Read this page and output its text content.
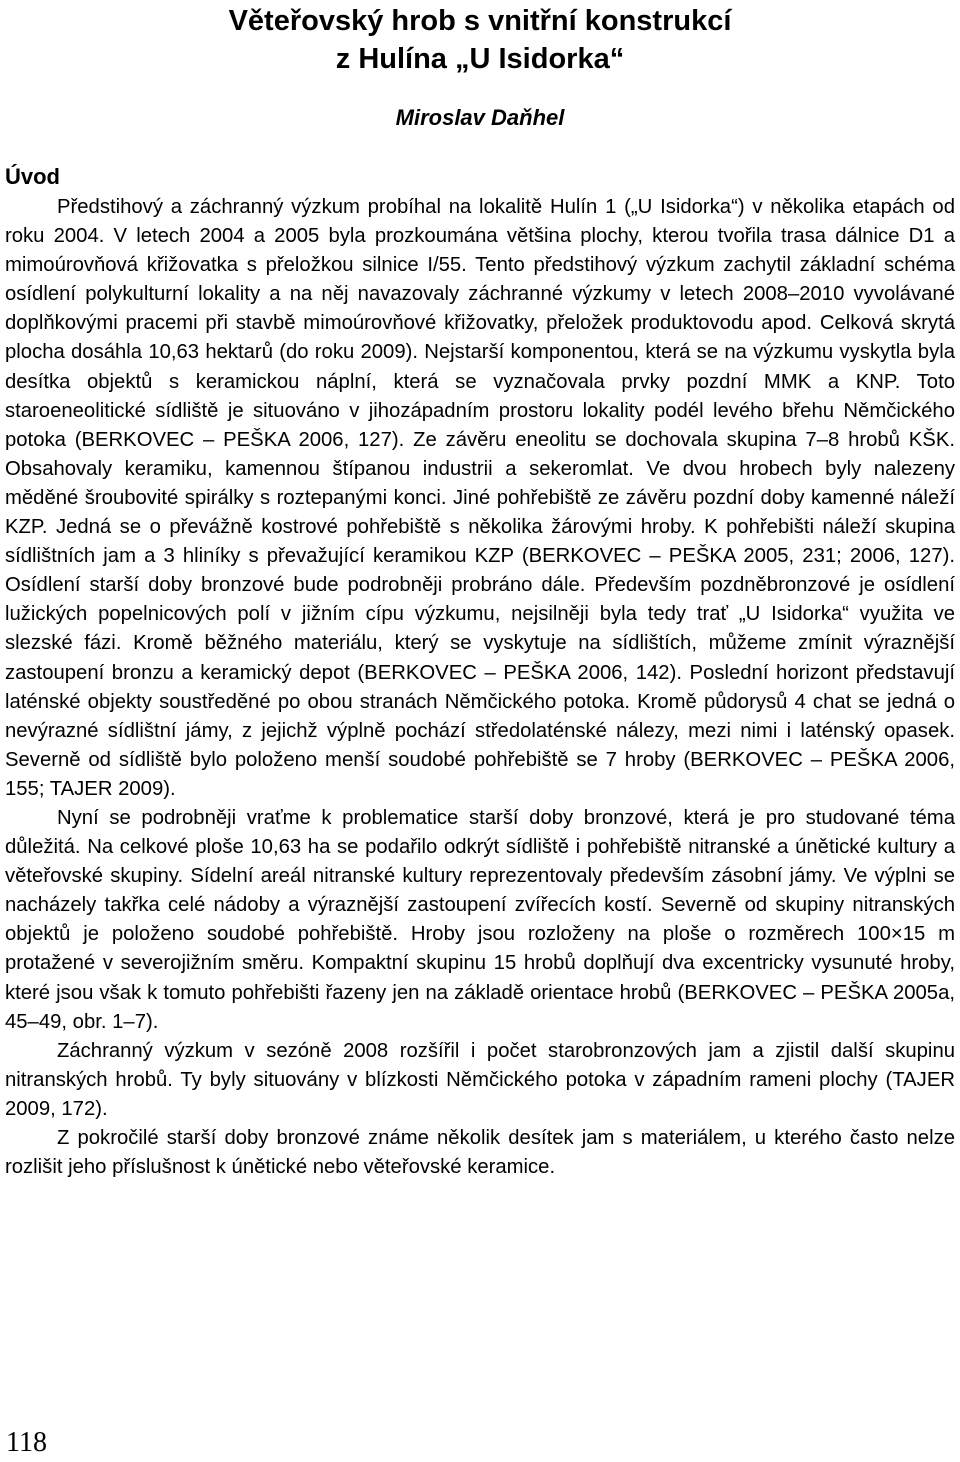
Věteřovský hrob s vnitřní konstrukcí
z Hulína „U Isidorka“
Miroslav Daňhel
Úvod

Předstihový a záchranný výzkum probíhal na lokalitě Hulín 1 („U Isidorka“) v několika etapách od roku 2004. V letech 2004 a 2005 byla prozkoumána většina plochy, kterou tvořila trasa dálnice D1 a mimoúrovňová křižovatka s přeložkou silnice I/55. Tento předstihový výzkum zachytil základní schéma osídlení polykulturní lokality a na něj navazovaly záchranné výzkumy v letech 2008–2010 vyvolávané doplňkovými pracemi při stavbě mimoúrovňové křižovatky, přeložek produktovodu apod. Celková skrytá plocha dosáhla 10,63 hektarů (do roku 2009). Nejstarší komponentou, která se na výzkumu vyskytla byla desítka objektů s keramickou náplní, která se vyznačovala prvky pozdní MMK a KNP. Toto staroeneolitické sídliště je situováno v jihozápadním prostoru lokality podél levého břehu Němčického potoka (BERKOVEC – PEŠKA 2006, 127). Ze závěru eneolitu se dochovala skupina 7–8 hrobů KŠK. Obsahovaly keramiku, kamennou štípanou industrii a sekeromlat. Ve dvou hrobech byly nalezeny měděné šroubovité spirálky s roztepanými konci. Jiné pohřebiště ze závěru pozdní doby kamenné náleží KZP. Jedná se o převážně kostrové pohřebiště s několika žárovými hroby. K pohřebišti náleží skupina sídlištních jam a 3 hliníky s převažující keramikou KZP (BERKOVEC – PEŠKA 2005, 231; 2006, 127). Osídlení starší doby bronzové bude podrobněji probráno dále. Především pozdněbronzové je osídlení lužických popelnicových polí v jižním cípu výzkumu, nejsilněji byla tedy trať „U Isidorka“ využita ve slezské fázi. Kromě běžného materiálu, který se vyskytuje na sídlištích, můžeme zmínit výraznější zastoupení bronzu a keramický depot (BERKOVEC – PEŠKA 2006, 142). Poslední horizont představují laténské objekty soustředěné po obou stranách Němčického potoka. Kromě půdorysů 4 chat se jedná o nevýrazné sídlištní jámy, z jejichž výplně pochází středolaténské nálezy, mezi nimi i laténský opasek. Severně od sídliště bylo položeno menší soudobé pohřebiště se 7 hroby (BERKOVEC – PEŠKA 2006, 155; TAJER 2009).

Nyní se podrobněji vraťme k problematice starší doby bronzové, která je pro studované téma důležitá. Na celkové ploše 10,63 ha se podařilo odkrýt sídliště i pohřebiště nitranské a únětické kultury a věteřovské skupiny. Sídelní areál nitranské kultury reprezentovaly především zásobní jámy. Ve výplni se nacházely takřka celé nádoby a výraznější zastoupení zvířecích kostí. Severně od skupiny nitranských objektů je položeno soudobé pohřebiště. Hroby jsou rozloženy na ploše o rozměrech 100×15 m protažené v severojižním směru. Kompaktní skupinu 15 hrobů doplňují dva excentricky vysunuté hroby, které jsou však k tomuto pohřebišti řazeny jen na základě orientace hrobů (BERKOVEC – PEŠKA 2005a, 45–49, obr. 1–7).

Záchranný výzkum v sezóně 2008 rozšířil i počet starobronzových jam a zjistil další skupinu nitranských hrobů. Ty byly situovány v blízkosti Němčického potoka v západním rameni plochy (TAJER 2009, 172).

Z pokročilé starší doby bronzové známe několik desítek jam s materiálem, u kterého často nelze rozlišit jeho příslušnost k únětické nebo věteřovské keramice.

118
